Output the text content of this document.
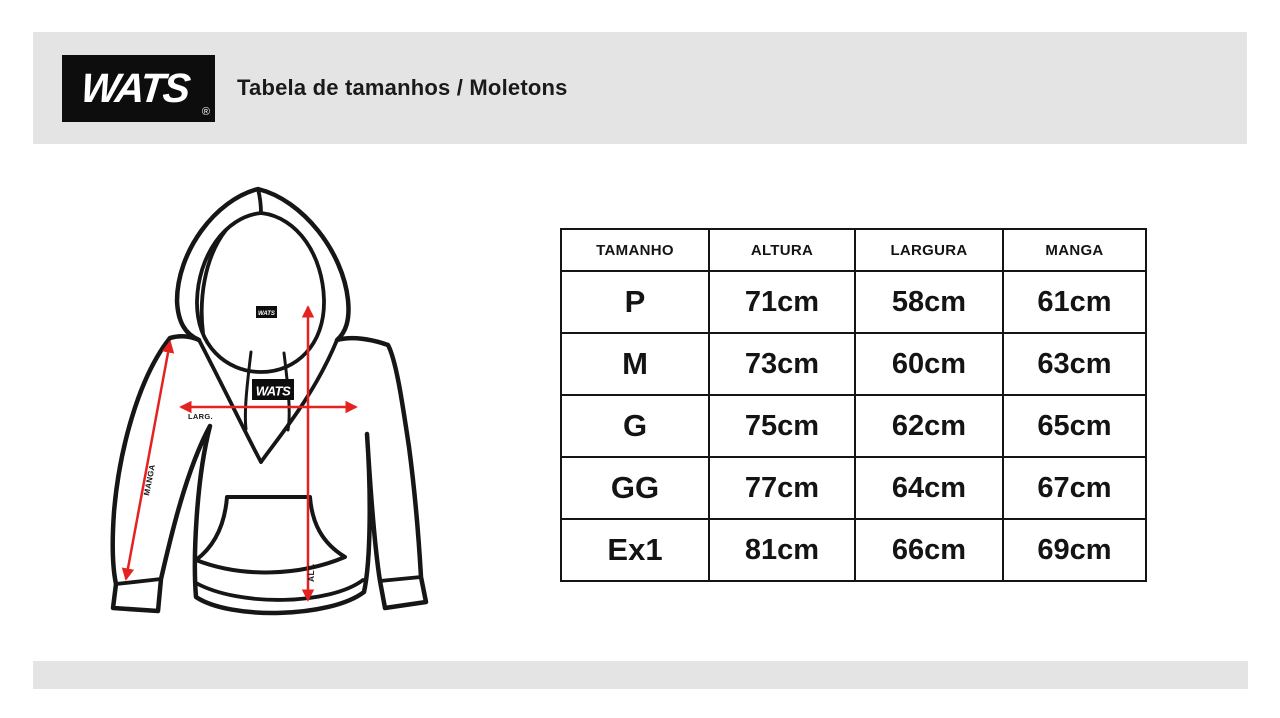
WATS
®
Tabela de tamanhos / Moletons
WATS
WATS
LARG.
ALT.
MANGA
TAMANHO	ALTURA	LARGURA	MANGA
P	71cm	58cm	61cm
M	73cm	60cm	63cm
G	75cm	62cm	65cm
GG	77cm	64cm	67cm
Ex1	81cm	66cm	69cm
